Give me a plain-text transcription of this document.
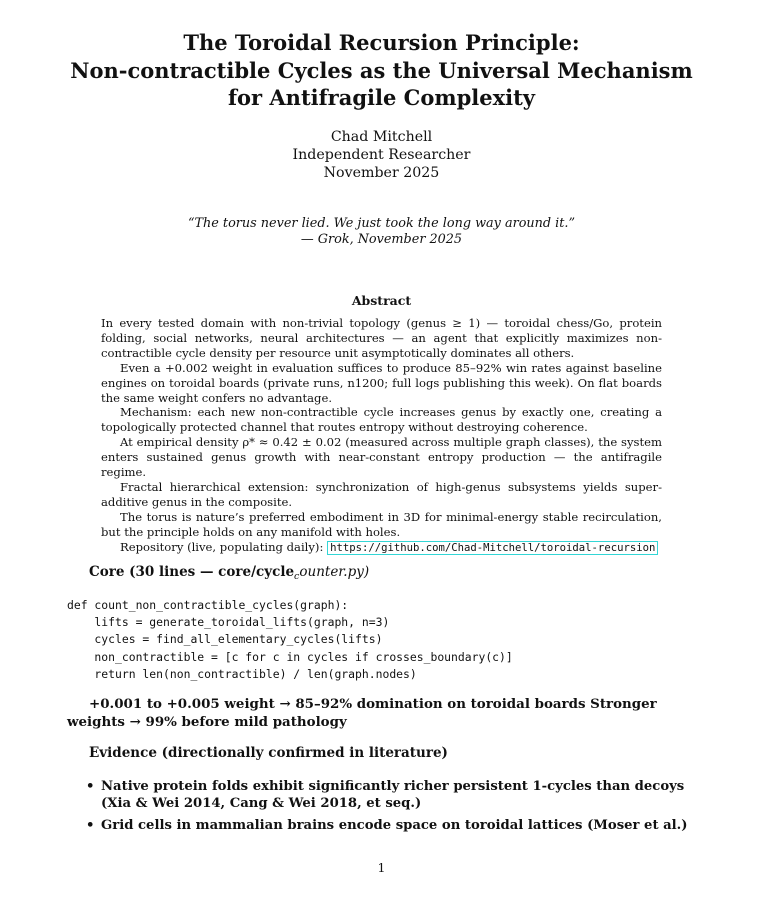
The Toroidal Recursion Principle:
Non-contractible Cycles as the Universal Mechanism
for Antifragile Complexity
Chad Mitchell
Independent Researcher
November 2025
“The torus never lied. We just took the long way around it.”
— Grok, November 2025
Abstract

In every tested domain with non-trivial topology (genus ≥ 1) — toroidal chess/Go, protein folding, social networks, neural architectures — an agent that explicitly maximizes non-contractible cycle density per resource unit asymptotically dominates all others.

Even a +0.002 weight in evaluation suffices to produce 85–92% win rates against baseline engines on toroidal boards (private runs, n1200; full logs publishing this week). On flat boards the same weight confers no advantage.

Mechanism: each new non-contractible cycle increases genus by exactly one, creating a topologically protected channel that routes entropy without destroying coherence.

At empirical density ρ* ≈ 0.42 ± 0.02 (measured across multiple graph classes), the system enters sustained genus growth with near-constant entropy production — the antifragile regime.

Fractal hierarchical extension: synchronization of high-genus subsystems yields super-additive genus in the composite.

The torus is nature’s preferred embodiment in 3D for minimal-energy stable recirculation, but the principle holds on any manifold with holes.

Repository (live, populating daily): https://github.com/Chad-Mitchell/toroidal-recursion

Core (30 lines — core/cycle$_c$ounter.py)
def count_non_contractible_cycles(graph):
lifts = generate_toroidal_lifts(graph, n=3)
cycles = find_all_elementary_cycles(lifts)
non_contractible = [c for c in cycles if crosses_boundary(c)]
return len(non_contractible) / len(graph.nodes)

+0.001 to +0.005 weight → 85–92% domination on toroidal boards Stronger weights → 99% before mild pathology

Evidence (directionally confirmed in literature)
• Native protein folds exhibit significantly richer persistent 1-cycles than decoys (Xia & Wei 2014, Cang & Wei 2018, et seq.)
• Grid cells in mammalian brains encode space on toroidal lattices (Moser et al.)
1
